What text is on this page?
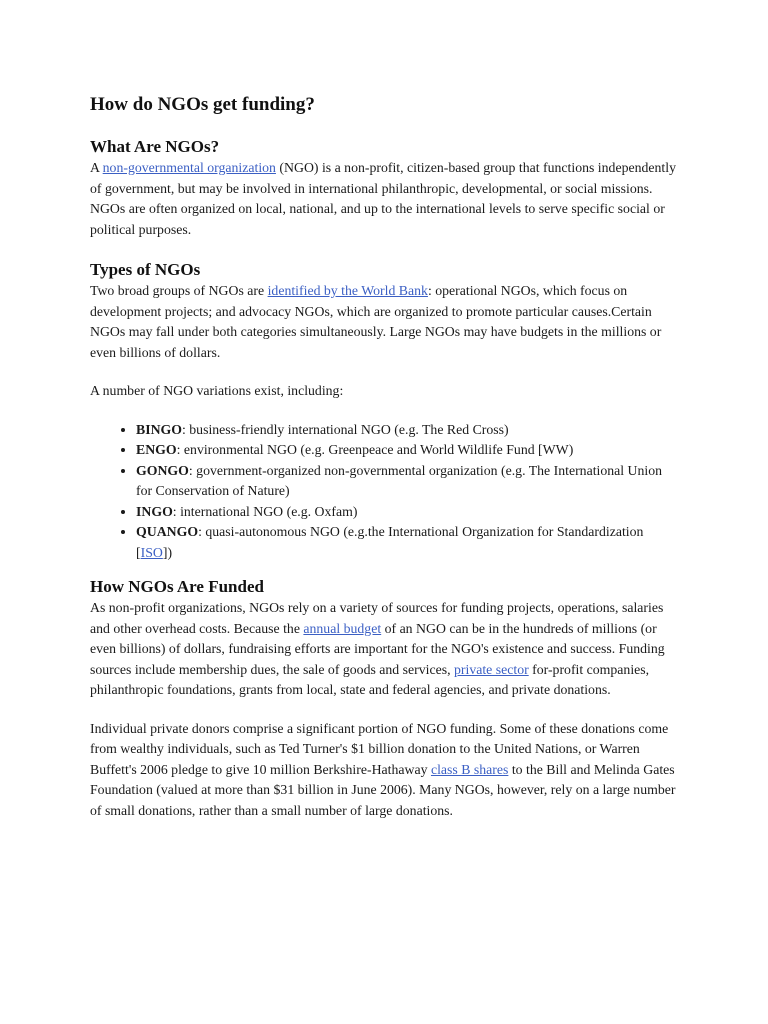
How do NGOs get funding?
What Are NGOs?

A non-governmental organization (NGO) is a non-profit, citizen-based group that functions independently of government, but may be involved in international philanthropic, developmental, or social missions. NGOs are often organized on local, national, and up to the international levels to serve specific social or political purposes.

Types of NGOs

Two broad groups of NGOs are identified by the World Bank: operational NGOs, which focus on development projects; and advocacy NGOs, which are organized to promote particular causes.Certain NGOs may fall under both categories simultaneously. Large NGOs may have budgets in the millions or even billions of dollars.

A number of NGO variations exist, including:

• BINGO: business-friendly international NGO (e.g. The Red Cross)
• ENGO: environmental NGO (e.g. Greenpeace and World Wildlife Fund [WW)
• GONGO: government-organized non-governmental organization (e.g. The International Union for Conservation of Nature)
• INGO: international NGO (e.g. Oxfam)
• QUANGO: quasi-autonomous NGO (e.g.the International Organization for Standardization [ISO])
How NGOs Are Funded

As non-profit organizations, NGOs rely on a variety of sources for funding projects, operations, salaries and other overhead costs. Because the annual budget of an NGO can be in the hundreds of millions (or even billions) of dollars, fundraising efforts are important for the NGO's existence and success. Funding sources include membership dues, the sale of goods and services, private sector for-profit companies, philanthropic foundations, grants from local, state and federal agencies, and private donations.

Individual private donors comprise a significant portion of NGO funding. Some of these donations come from wealthy individuals, such as Ted Turner's $1 billion donation to the United Nations, or Warren Buffett's 2006 pledge to give 10 million Berkshire-Hathaway class B shares to the Bill and Melinda Gates Foundation (valued at more than $31 billion in June 2006). Many NGOs, however, rely on a large number of small donations, rather than a small number of large donations.
